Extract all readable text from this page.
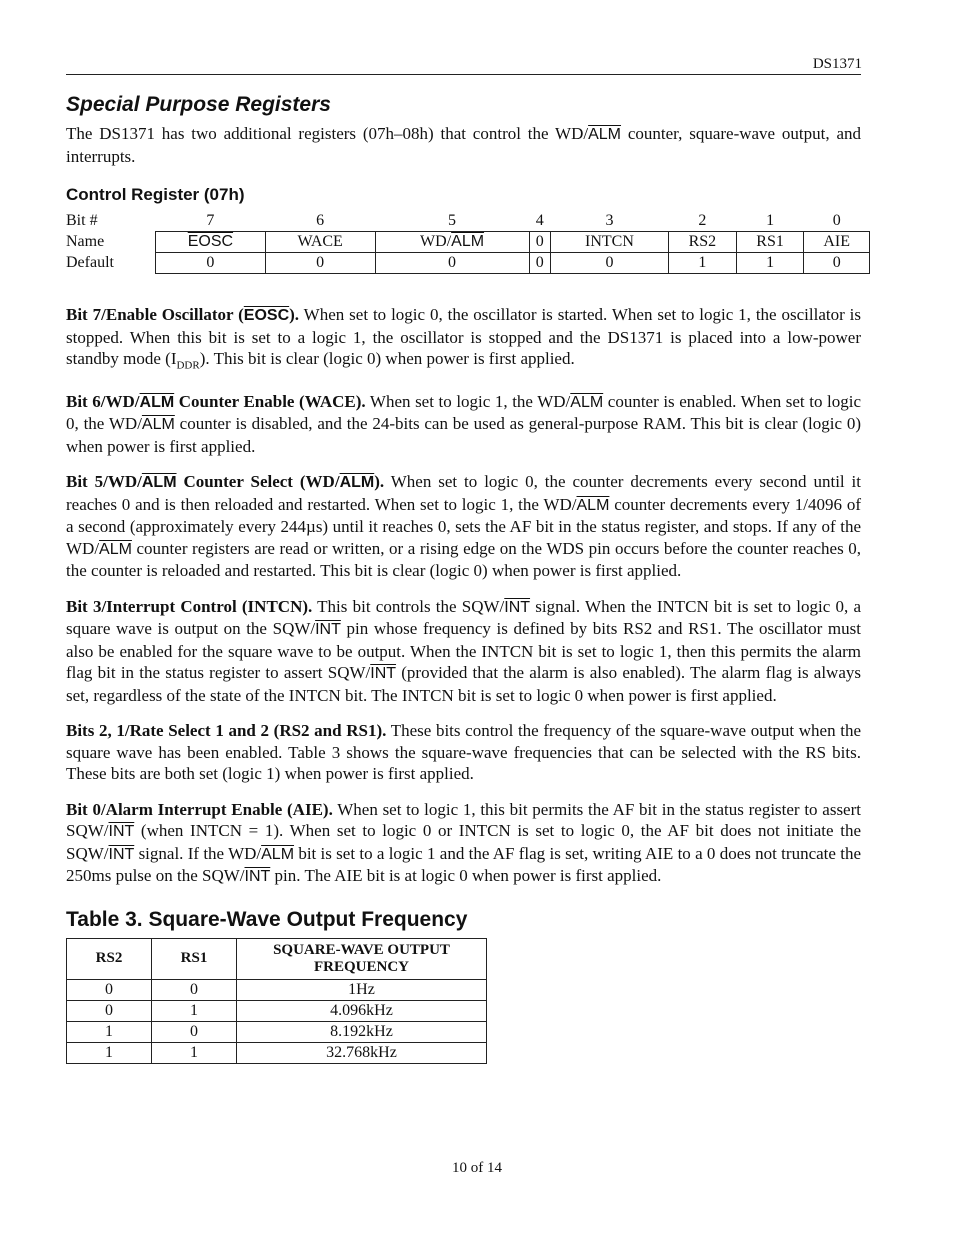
DS1371
Special Purpose Registers

The DS1371 has two additional registers (07h–08h) that control the $WD/\overline{ALM}$ counter, square-wave output, and interrupts.

Control Register (07h)
Bit #	7	6	5	4	3	2	1	0
Name	EOSC	WACE	$WD/\overline{ALM}$	0	INTCN	RS2	RS1	AIE
Default	0	0	0	0	0	1	1	0

Bit 7/Enable Oscillator (EOSC). When set to logic 0, the oscillator is started. When set to logic 1, the oscillator is stopped. When this bit is set to a logic 1, the oscillator is stopped and the DS1371 is placed into a low-power standby mode $(I_{DDR})$. This bit is clear (logic 0) when power is first applied.

Bit $6/WD/\overline{ALM}$ Counter Enable (WACE). When set to logic 1, the $WD/\overline{ALM}$ counter is enabled. When set to logic 0, the $WD/\overline{ALM}$ counter is disabled, and the 24-bits can be used as general-purpose RAM. This bit is clear (logic 0) when power is first applied.

Bit $5/WD/\overline{ALM}$ Counter Select $(WD/\overline{ALM})$. When set to logic 0, the counter decrements every second until it reaches 0 and is then reloaded and restarted. When set to logic 1, the $WD/\overline{ALM}$ counter decrements every 1/4096 of a second (approximately every 244µs) until it reaches 0, sets the AF bit in the status register, and stops. If any of the $WD/\overline{ALM}$ counter registers are read or written, or a rising edge on the WDS pin occurs before the counter reaches 0, the counter is reloaded and restarted. This bit is clear (logic 0) when power is first applied.

Bit 3/Interrupt Control (INTCN). This bit controls the SQW/$\overline{INT}$ signal. When the INTCN bit is set to logic 0, a square wave is output on the SQW/$\overline{INT}$ pin whose frequency is defined by bits RS2 and RS1. The oscillator must also be enabled for the square wave to be output. When the INTCN bit is set to logic 1, then this permits the alarm flag bit in the status register to assert SQW/$\overline{INT}$ (provided that the alarm is also enabled). The alarm flag is always set, regardless of the state of the INTCN bit. The INTCN bit is set to logic 0 when power is first applied.

Bits 2, 1/Rate Select 1 and 2 (RS2 and RS1). These bits control the frequency of the square-wave output when the square wave has been enabled. Table 3 shows the square-wave frequencies that can be selected with the RS bits. These bits are both set (logic 1) when power is first applied.

Bit 0/Alarm Interrupt Enable (AIE). When set to logic 1, this bit permits the AF bit in the status register to assert SQW/$\overline{INT}$ (when INTCN = 1). When set to logic 0 or INTCN is set to logic 0, the AF bit does not initiate the SQW/$\overline{INT}$ signal. If the $WD/\overline{ALM}$ bit is set to a logic 1 and the AF flag is set, writing AIE to a 0 does not truncate the 250ms pulse on the SQW/$\overline{INT}$ pin. The AIE bit is at logic 0 when power is first applied.

Table 3. Square-Wave Output Frequency
RS2	RS1	SQUARE-WAVE OUTPUT FREQUENCY
0	0	1Hz
0	1	4.096kHz
1	0	8.192kHz
1	1	32.768kHz
10 of 14
